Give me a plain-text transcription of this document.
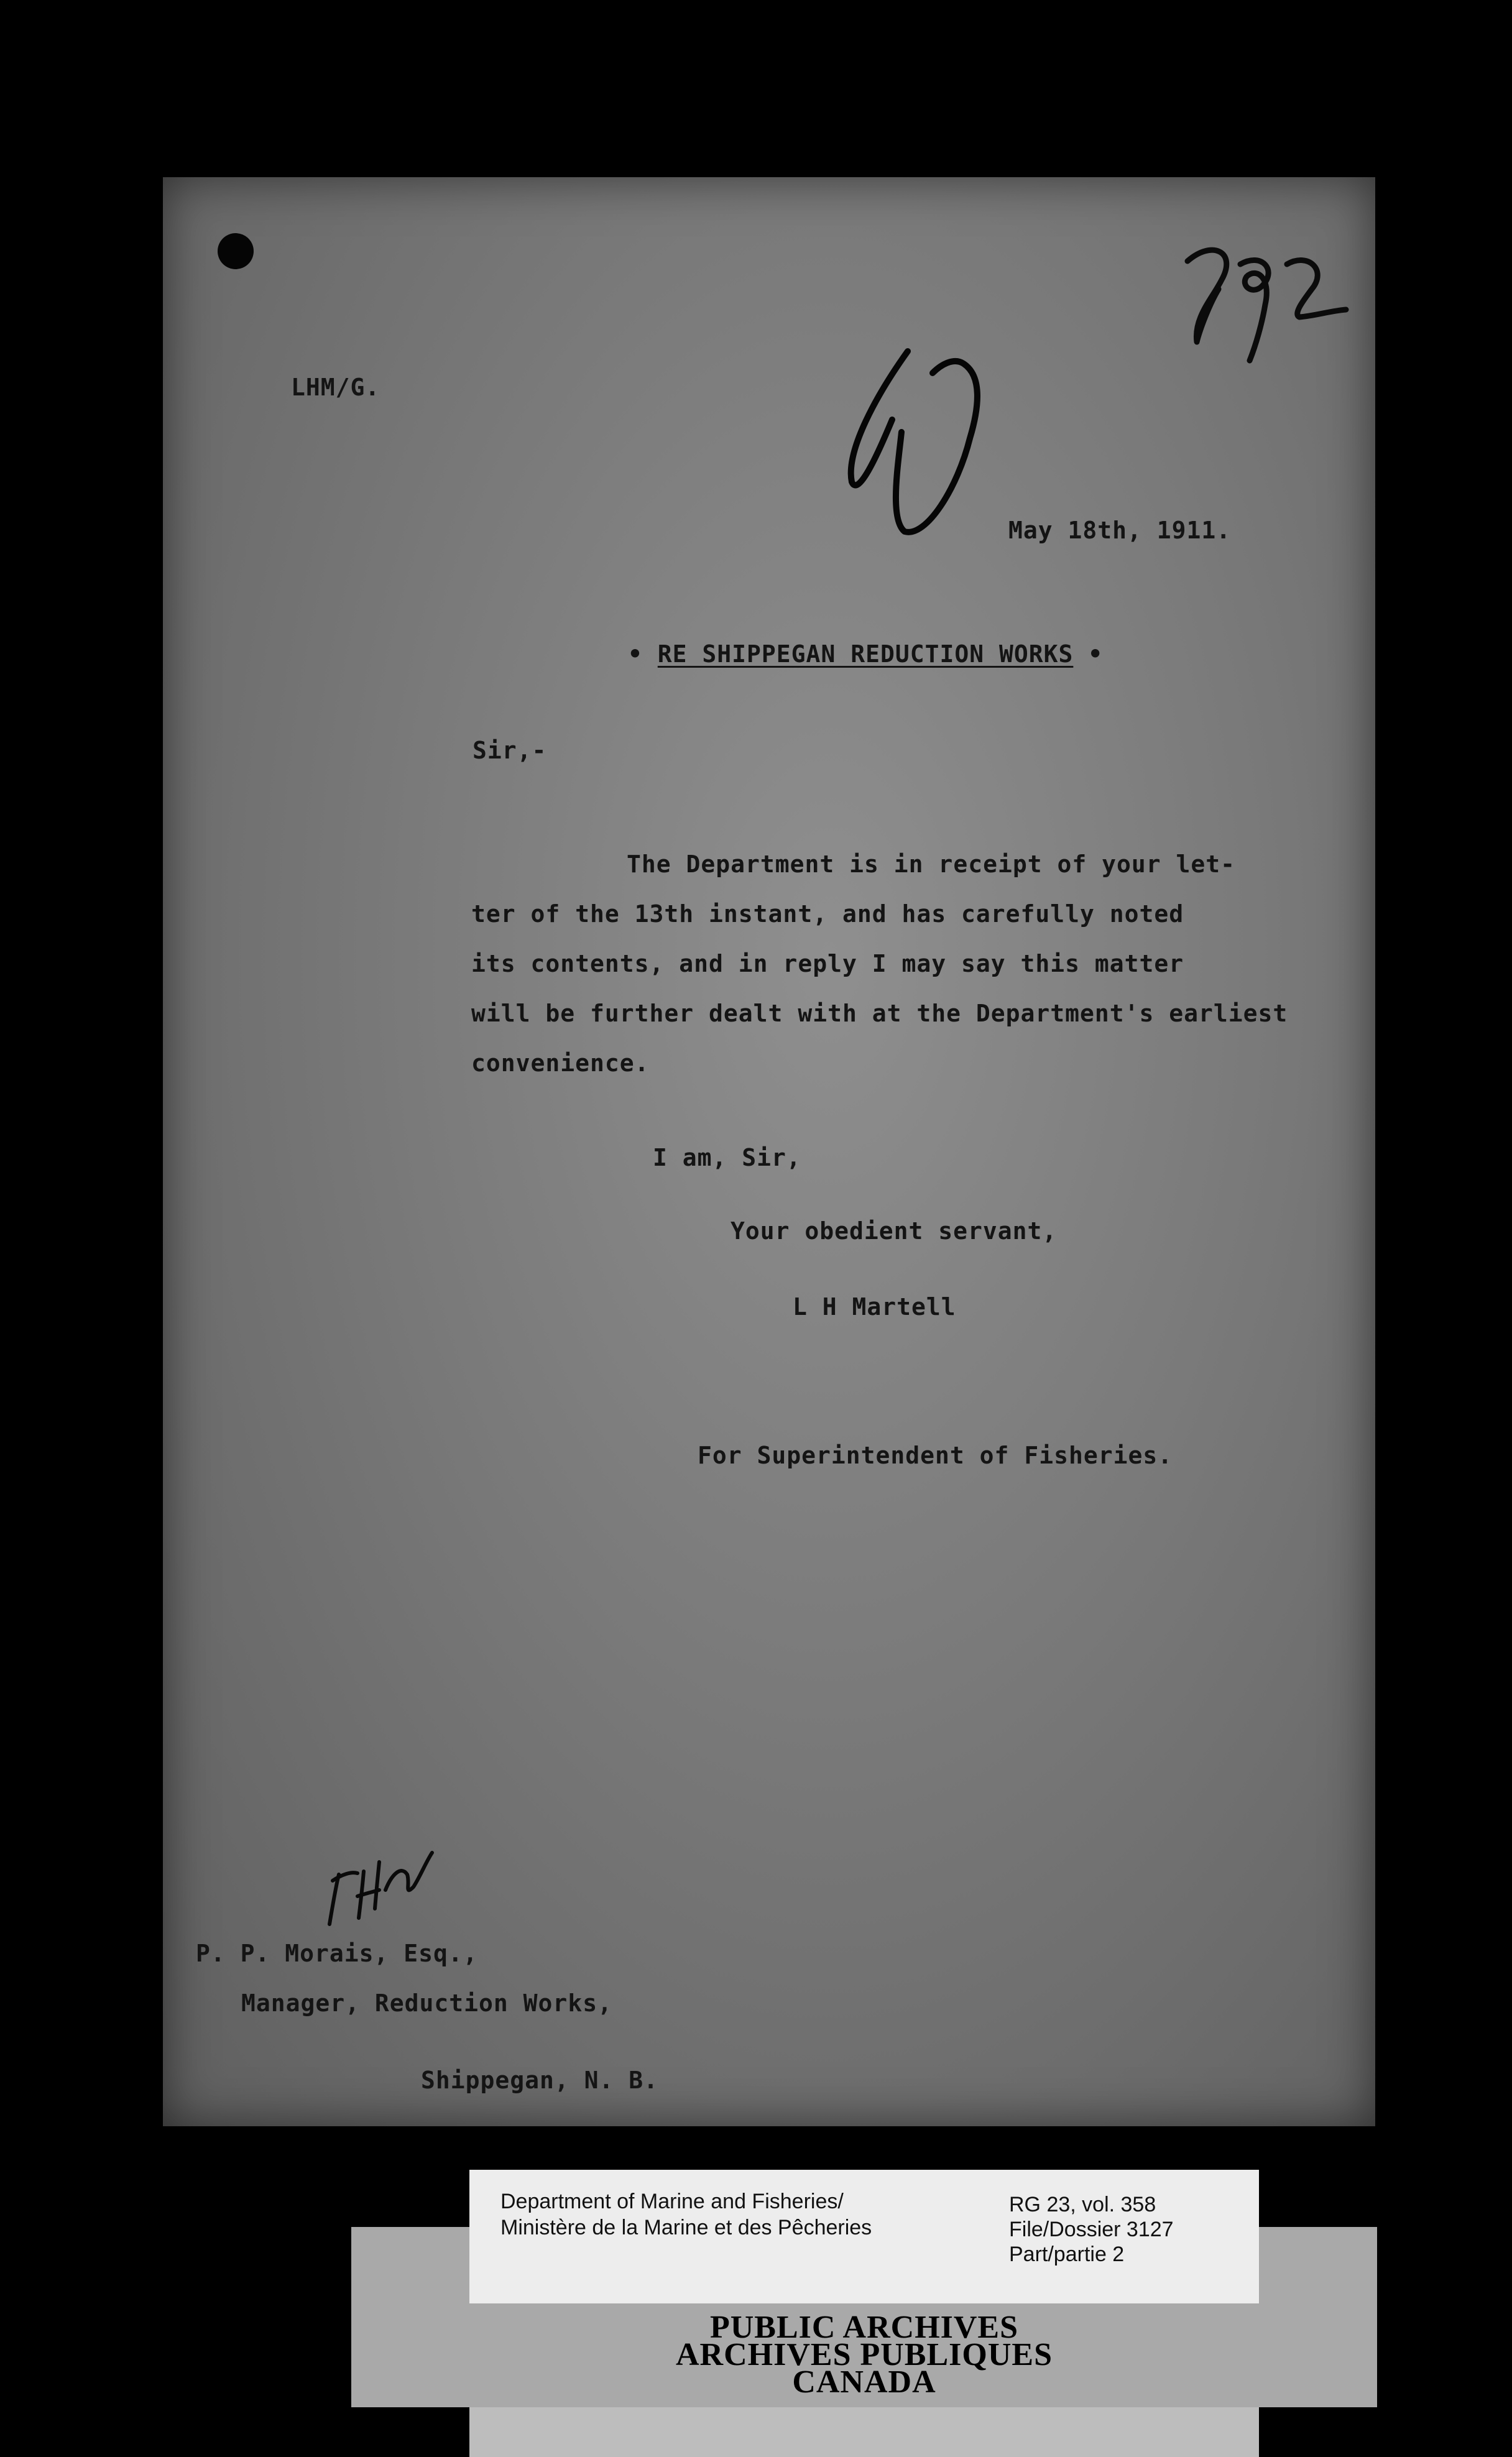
LHM/G.
293
May 18th, 1911.
• RE SHIPPEGAN REDUCTION WORKS •
Sir,-
The Department is in receipt of your let-
ter of the 13th instant, and has carefully noted
its contents, and in reply I may say this matter
will be further dealt with at the Department's earliest
convenience.
I am, Sir,
Your obedient servant,
L H Martell
For Superintendent of Fisheries.
L.H.M.
P. P. Morais, Esq.,
Manager, Reduction Works,
Shippegan, N. B.
Department of Marine and Fisheries/
Ministère de la Marine et des Pêcheries
RG 23, vol. 358
File/Dossier 3127
Part/partie 2
PUBLIC ARCHIVES
ARCHIVES PUBLIQUES
CANADA
